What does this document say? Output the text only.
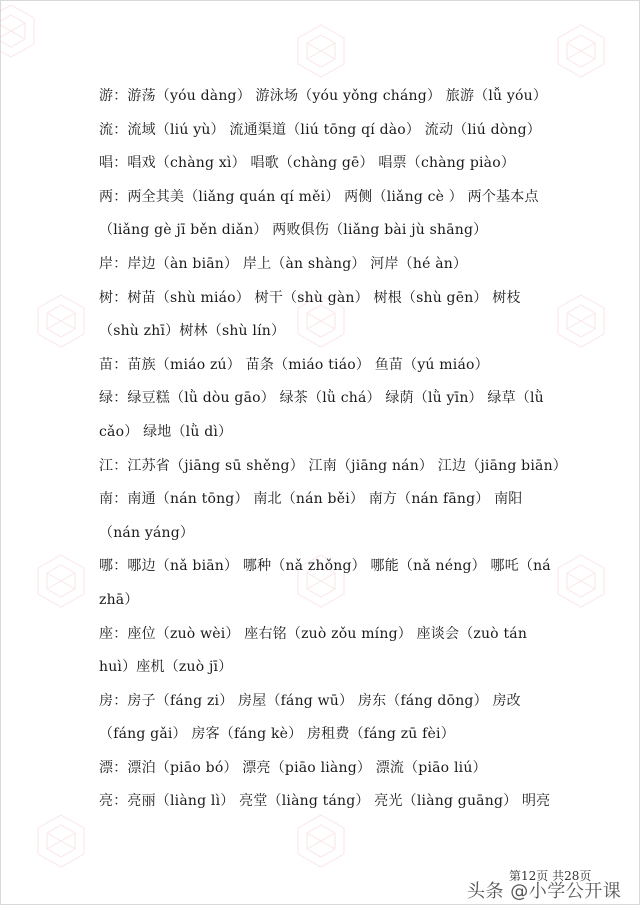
游：游荡（yóu dàng） 游泳场（yóu yǒng cháng） 旅游（lǚ yóu）
流：流域（liú yù） 流通渠道（liú tōng qí dào） 流动（liú dòng）
唱：唱戏（chàng xì） 唱歌（chàng gē） 唱票（chàng piào）
两：两全其美（liǎng quán qí měi） 两侧（liǎng cè ） 两个基本点
（liǎng gè jī běn diǎn） 两败俱伤（liǎng bài jù shāng）
岸：岸边（àn biān） 岸上（àn shàng） 河岸（hé àn）
树：树苗（shù miáo） 树干（shù gàn） 树根（shù gēn） 树枝
（shù zhī）树林（shù lín）
苗：苗族（miáo zú） 苗条（miáo tiáo） 鱼苗（yú miáo）
绿：绿豆糕（lǜ dòu gāo） 绿茶（lǜ chá） 绿荫（lǜ yīn） 绿草（lǜ
cǎo） 绿地（lǜ dì）
江：江苏省（jiāng sū shěng） 江南（jiāng nán） 江边（jiāng biān）
南：南通（nán tōng） 南北（nán běi） 南方（nán fāng） 南阳
（nán yáng）
哪：哪边（nǎ biān） 哪种（nǎ zhǒng） 哪能（nǎ néng） 哪吒（ná
zhā）
座：座位（zuò wèi） 座右铭（zuò zǒu míng） 座谈会（zuò tán
huì）座机（zuò jī）
房：房子（fáng zi） 房屋（fáng wū） 房东（fáng dōng） 房改
（fáng gǎi） 房客（fáng kè） 房租费（fáng zū fèi）
漂：漂泊（piāo bó） 漂亮（piāo liàng） 漂流（piāo liú）
亮：亮丽（liàng lì） 亮堂（liàng táng） 亮光（liàng guāng） 明亮
第12页 共28页
头条 @小学公开课
